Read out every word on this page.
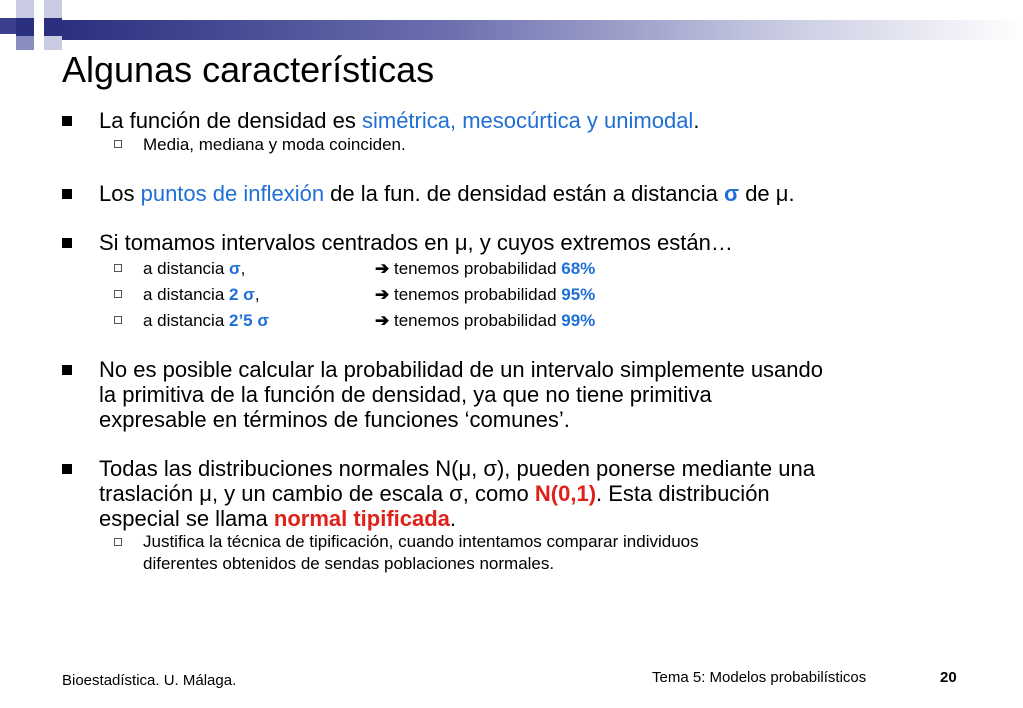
Algunas características
La función de densidad es simétrica, mesocúrtica y unimodal.
Media, mediana y moda coinciden.
Los puntos de inflexión de la fun. de densidad están a distancia σ de μ.
Si tomamos intervalos centrados en μ, y cuyos extremos están…
a distancia σ,	➔ tenemos probabilidad 68%
a distancia 2 σ,	➔ tenemos probabilidad 95%
a distancia 2’5 σ	➔ tenemos probabilidad 99%
No es posible calcular la probabilidad de un intervalo simplemente usando
la primitiva de la función de densidad, ya que no tiene primitiva
expresable en términos de funciones ‘comunes’.
Todas las distribuciones normales N(μ, σ), pueden ponerse mediante una
traslación μ, y un cambio de escala σ, como N(0,1). Esta distribución
especial se llama normal tipificada.
Justifica la técnica de tipificación, cuando intentamos comparar individuos
diferentes obtenidos de sendas poblaciones normales.
Bioestadística. U. Málaga.	Tema 5: Modelos probabilísticos	20
